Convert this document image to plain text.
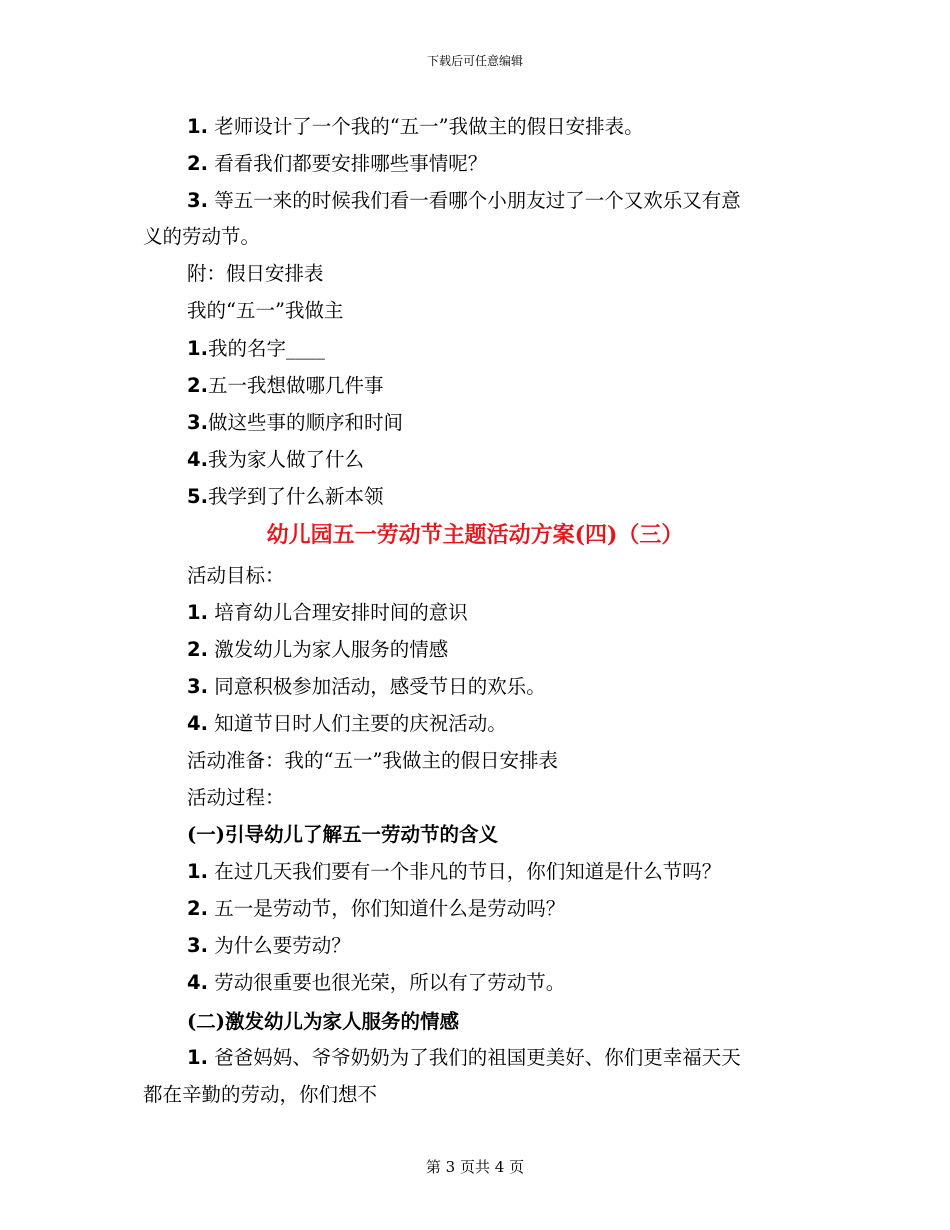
下载后可任意编辑
1. 老师设计了一个我的“五一”我做主的假日安排表。
2. 看看我们都要安排哪些事情呢？
3. 等五一来的时候我们看一看哪个小朋友过了一个又欢乐又有意
义的劳动节。
附：假日安排表
我的“五一”我做主
1.我的名字____
2.五一我想做哪几件事
3.做这些事的顺序和时间
4.我为家人做了什么
5.我学到了什么新本领
幼儿园五一劳动节主题活动方案(四)（三）
活动目标：
1. 培育幼儿合理安排时间的意识
2. 激发幼儿为家人服务的情感
3. 同意积极参加活动，感受节日的欢乐。
4. 知道节日时人们主要的庆祝活动。
活动准备：我的“五一”我做主的假日安排表
活动过程：
(一)引导幼儿了解五一劳动节的含义
1. 在过几天我们要有一个非凡的节日，你们知道是什么节吗？
2. 五一是劳动节，你们知道什么是劳动吗？
3. 为什么要劳动？
4. 劳动很重要也很光荣，所以有了劳动节。
(二)激发幼儿为家人服务的情感
1. 爸爸妈妈、爷爷奶奶为了我们的祖国更美好、你们更幸福天天
都在辛勤的劳动，你们想不
第 3 页共 4 页
